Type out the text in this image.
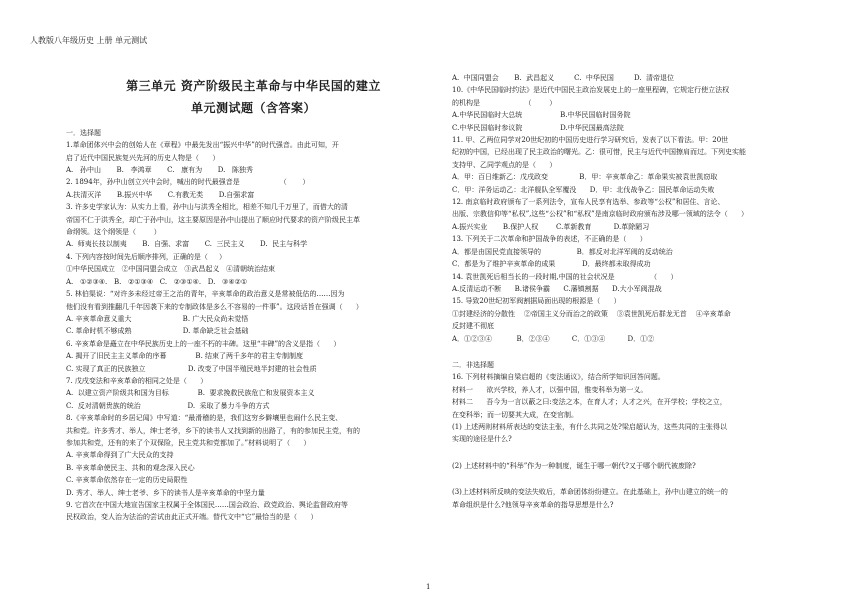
人教版八年级历史 上册 单元测试
第三单元 资产阶级民主革命与中华民国的建立
单元测试题（含答案）
一．选择题
1.革命团体兴中会的创始人在《章程》中最先发出“振兴中华”的时代强音。由此可知，开
启了近代中国民族复兴先河的历史人物是（      ）
A.   孙中山       B.   李鸿章       C.   康有为       D.   陈独秀
2. 1894年，孙中山创立兴中会时，喊出的时代最强音是                  （       ）
A.扶清灭洋       B.振兴中华       C.有教无类       D.自强求富
3. 许多史学家认为：从实力上看，孙中山与洪秀全相比，相差不知几千万里了，而借大的清
帝国不仁于洪秀全，却亡于孙中山，这主要原因是孙中山提出了顺应时代要求的资产阶级民主革
命纲领。这个纲领是（        ）
A.  师夷长技以制夷       B.  自强、求富       C.  三民主义       D.  民主与科学
4. 下列内容按时间先后顺序排列，正确的是（     ）
①中华民国成立   ②中国同盟会成立   ③武昌起义   ④清朝统治结束
A.   ①②③④.   B.   ②①③④   C.   ②③①④.   D.   ③④②①
5. 林伯渠说：“对许多未经过帝王之治的青年，辛亥革命的政治意义是常被低估的……因为
他们没有看到推翻几千年因袭下来的专制政体是多么不容易的一件事”。这段话旨在强调（      ）
A. 辛亥革命意义重大                       B. 广大民众尚未觉悟
C. 革命时机不够成熟                       D. 革命缺乏社会基础
6. 辛亥革命是矗立在中华民族历史上的一座不朽的丰碑。这里“丰碑”的含义是指（      ）
A. 揭开了旧民主主义革命的序幕             B. 结束了两千多年的君主专制制度
C. 实现了真正的民族独立                   D. 改变了中国半殖民地半封建的社会性质
7. 戊戌变法和辛亥革命的相同之处是（      ）
A.  以建立资产阶级共和国为目标             B.  要求挽救民族危亡和发展资本主义
C.  反对清朝贵族的统治                     D.  采取了暴力斗争的方式
8.《辛亥革命时的乡居记闻》中写道：“最滑稽的是，我们这穷乡僻壤里也闹什么民主变、
共和党。许多秀才、举人，绅士老爷，乡下的读书人又找到新的出路了，有的参加民主党，有的
参加共和党，还有的来了个双保险，民主党共和党都加了。”材料说明了（      ）
A. 辛亥革命得到了广大民众的支持
B. 辛亥革命使民主、共和的观念深入民心
C. 辛亥革命依然存在一定的历史局限性
D. 秀才、举人、绅士老爷、乡下的读书人是辛亥革命的中坚力量
9. 它首次在中国大地宣告国家主权属于全体国民……国会政治、政党政治、舆论监督政府等
民权政治，变人治为法治的尝试由此正式开端。替代文中“它”最恰当的是（      ）
A.  中国同盟会       B.  武昌起义         C.  中华民国         D.  清帝退位
10.《中华民国临时约法》是近代中国民主政治发展史上的一座里程碑，它规定行使立法权
的机构是                    （        ）
A.中华民国临时大总统                 B.中华民国临时国务院
C.中华民国临时参议院                 D.中华民国最高法院
11. 甲、乙两位同学对20世纪初的中国历史进行学习研究后，发表了以下看法。甲：20世
纪初的中国，已经出现了民主政治的曙光。乙：很可惜，民主与近代中国擦肩而过。下列史实能
支持甲、乙同学观点的是（      ）
A．甲：百日维新乙：戊戌政变              B．甲：辛亥革命乙：革命果实被袁世凯窃取
C．甲：洋务运动乙：北洋舰队全军覆没      D．甲：北伐战争乙：国民革命运动失败
12. 南京临时政府颁布了一系列法令，宣布人民享有选举、参政等“公权”和居住、言论、
出版、宗教信仰等“私权”,这些“公权”和“私权”是南京临时政府颁布涉及哪一领域的法令（      ）
A.振兴实业       B.保护人权        C.革新教育          D.革除陋习
13. 下列关于二次革命和护国战争的表述，不正确的是（      ）
A．都是由国民党直接领导的                B．都反对北洋军阀的反动统治
C．都是为了维护辛亥革命的成果            D．最终都未取得成功
14. 袁世凯死后相当长的一段时期,中国的社会状况是                （      ）
A.反清运动不断      B.诸侯争霸      C.藩镇割据      D.大小军阀混战
15. 导致20世纪初军阀割据局面出现的根源是（      ）
①封建经济的分散性    ②帝国主义分而治之的政策    ③袁世凯死后群龙无首    ④辛亥革命
反封建不彻底
A．①②③④           B．②③④          C．①③④          D．①②
二．非选择题
16. 下列材料摘编自梁启超的《变法通议》，结合所学知识回答问题。
材料一      欲兴学校，养人才，以强中国，惟变科举为第一义。
材料二      吾今为一言以蔽之曰:变法之本，在育人才；人才之兴，在开学校；学校之立，
在变科举；而一切要其大成，在变官制。
(1) 上述两则材料所表达的变法主张，有什么共同之处?梁启超认为，这些共同的主张得以
实现的途径是什么?
(2) 上述材料中的“科举”作为一种制度，诞生于哪一朝代?又于哪个朝代被废除?
(3)上述材料所反映的变法失败后，革命团体纷纷建立。在此基础上，孙中山建立的统一的
革命组织是什么?他领导辛亥革命的指导思想是什么?
1
